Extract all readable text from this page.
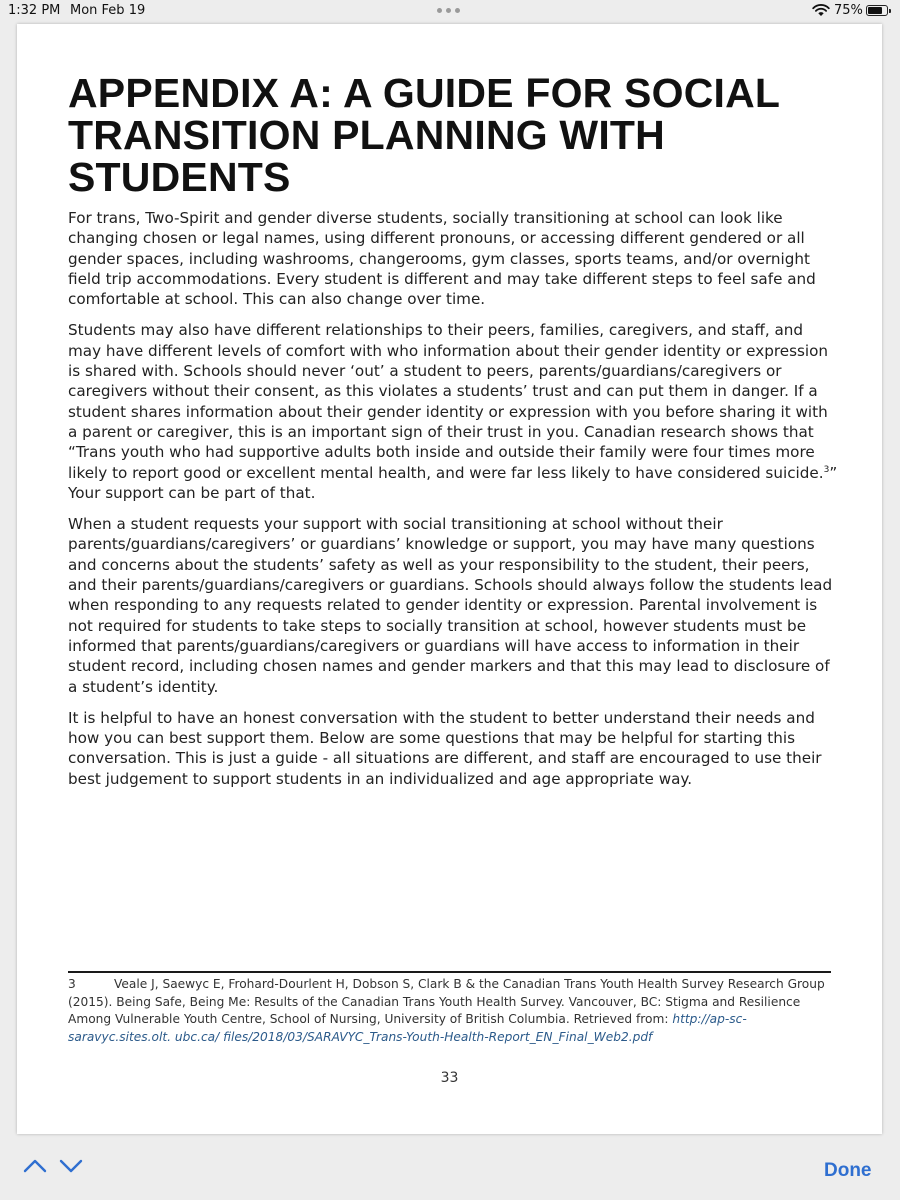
1:32 PM Mon Feb 19	75%
APPENDIX A: A GUIDE FOR SOCIAL TRANSITION PLANNING WITH STUDENTS

For trans, Two-Spirit and gender diverse students, socially transitioning at school can look like changing chosen or legal names, using different pronouns, or accessing different gendered or all gender spaces, including washrooms, changerooms, gym classes, sports teams, and/or overnight field trip accommodations. Every student is different and may take different steps to feel safe and comfortable at school. This can also change over time.

Students may also have different relationships to their peers, families, caregivers, and staff, and may have different levels of comfort with who information about their gender identity or expression is shared with. Schools should never ‘out’ a student to peers, parents/guardians/caregivers or caregivers without their consent, as this violates a students’ trust and can put them in danger. If a student shares information about their gender identity or expression with you before sharing it with a parent or caregiver, this is an important sign of their trust in you. Canadian research shows that “Trans youth who had supportive adults both inside and outside their family were four times more likely to report good or excellent mental health, and were far less likely to have considered suicide.$^3$” Your support can be part of that.

When a student requests your support with social transitioning at school without their parents/guardians/caregivers’ or guardians’ knowledge or support, you may have many questions and concerns about the students’ safety as well as your responsibility to the student, their peers, and their parents/guardians/caregivers or guardians. Schools should always follow the students lead when responding to any requests related to gender identity or expression. Parental involvement is not required for students to take steps to socially transition at school, however students must be informed that parents/guardians/caregivers or guardians will have access to information in their student record, including chosen names and gender markers and that this may lead to disclosure of a student’s identity.

It is helpful to have an honest conversation with the student to better understand their needs and how you can best support them. Below are some questions that may be helpful for starting this conversation. This is just a guide - all situations are different, and staff are encouraged to use their best judgement to support students in an individualized and age appropriate way.

3	Veale J, Saewyc E, Frohard-Dourlent H, Dobson S, Clark B & the Canadian Trans Youth Health Survey Research Group (2015). Being Safe, Being Me: Results of the Canadian Trans Youth Health Survey. Vancouver, BC: Stigma and Resilience Among Vulnerable Youth Centre, School of Nursing, University of British Columbia. Retrieved from: http://ap-sc-saravyc.sites.olt. ubc.ca/ files/2018/03/SARAVYC_Trans-Youth-Health-Report_EN_Final_Web2.pdf
33
Done
